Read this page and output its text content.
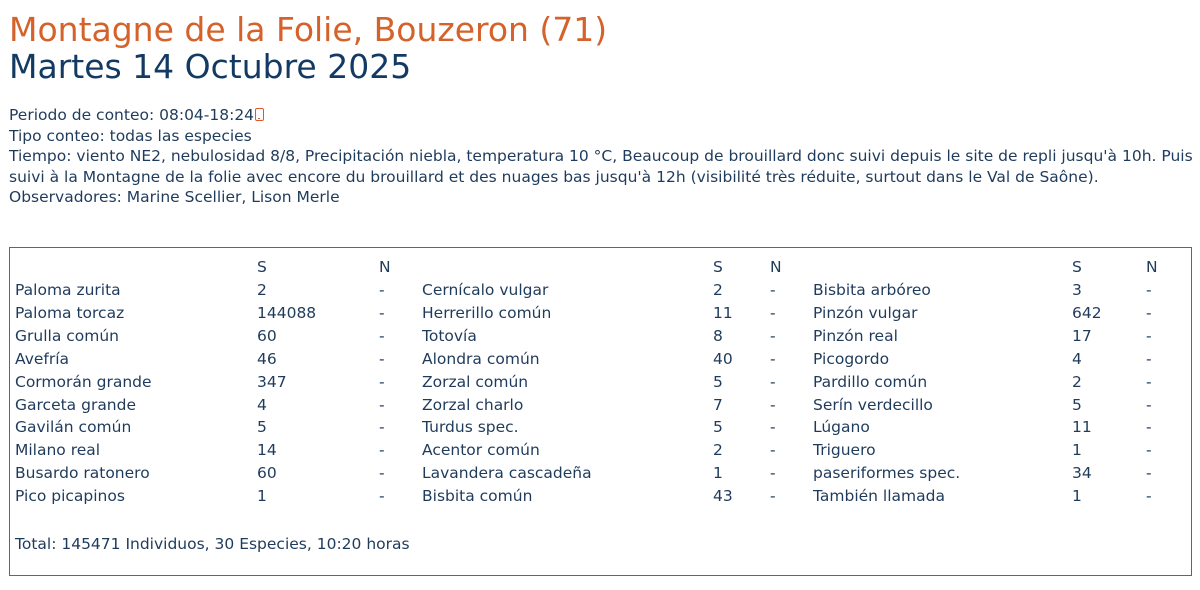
Montagne de la Folie, Bouzeron (71)
Martes 14 Octubre 2025
Periodo de conteo: 08:04-18:24
Tipo conteo: todas las especies
Tiempo: viento NE2, nebulosidad 8/8, Precipitación niebla, temperatura 10 °C, Beaucoup de brouillard donc suivi depuis le site de repli jusqu'à 10h. Puis suivi à la Montagne de la folie avec encore du brouillard et des nuages bas jusqu'à 12h (visibilité très réduite, surtout dans le Val de Saône).
Observadores: Marine Scellier, Lison Merle
Total: 145471 Individuos, 30 Especies, 10:20 horas
S	N
Paloma zurita	2	-
Paloma torcaz	144088	-
Grulla común	60	-
Avefría	46	-
Cormorán grande	347	-
Garceta grande	4	-
Gavilán común	5	-
Milano real	14	-
Busardo ratonero	60	-
Pico picapinos	1	-
S	N
Cernícalo vulgar	2	-
Herrerillo común	11 -
Totovía	8	-
Alondra común	40 -
Zorzal común	5	-
Zorzal charlo	7	-
Turdus spec.	5	-
Acentor común	2	-
Lavandera cascadeña	1	-
Bisbita común	43 -
S	N
Bisbita arbóreo	3	-
Pinzón vulgar	642	-
Pinzón real	17	-
Picogordo	4	-
Pardillo común	2	-
Serín verdecillo	5	-
Lúgano	11	-
Triguero	1	-
paseriformes spec.	34	-
También llamada	1	-
